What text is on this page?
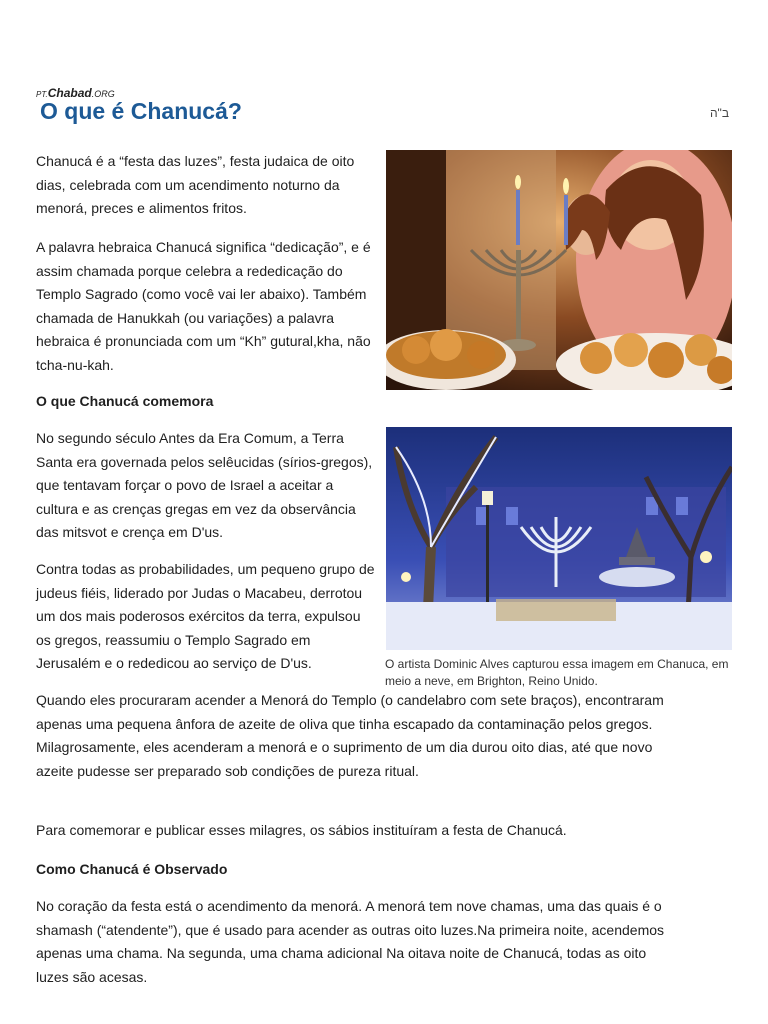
PT.Chabad.ORG
O que é Chanucá?	ב"ה

Chanucá é a “festa das luzes”, festa judaica de oito dias, celebrada com um acendimento noturno da menorá, preces e alimentos fritos.

A palavra hebraica Chanucá significa “dedicação”, e é assim chamada porque celebra a rededicação do Templo Sagrado (como você vai ler abaixo). Também chamada de Hanukkah (ou variações) a palavra hebraica é pronunciada com um “Kh” gutural,kha, não tcha-nu-kah.

O que Chanucá comemora

No segundo século Antes da Era Comum, a Terra Santa era governada pelos selêucidas (sírios-gregos), que tentavam forçar o povo de Israel a aceitar a cultura e as crenças gregas em vez da observância das mitsvot e crença em D'us.

Contra todas as probabilidades, um pequeno grupo de judeus fiéis, liderado por Judas o Macabeu, derrotou um dos mais poderosos exércitos da terra, expulsou os gregos, reassumiu o Templo Sagrado em Jerusalém e o rededicou ao serviço de D'us.

Quando eles procuraram acender a Menorá do Templo (o candelabro com sete braços), encontraram apenas uma pequena ânfora de azeite de oliva que tinha escapado da contaminação pelos gregos. Milagrosamente, eles acenderam a menorá e o suprimento de um dia durou oito dias, até que novo azeite pudesse ser preparado sob condições de pureza ritual.

Para comemorar e publicar esses milagres, os sábios instituíram a festa de Chanucá.

Como Chanucá é Observado

No coração da festa está o acendimento da menorá. A menorá tem nove chamas, uma das quais é o shamash (“atendente”), que é usado para acender as outras oito luzes.Na primeira noite, acendemos apenas uma chama. Na segunda, uma chama adicional Na oitava noite de Chanucá, todas as oito luzes são acesas.

O artista Dominic Alves capturou essa imagem em Chanuca, em meio a neve, em Brighton, Reino Unido.
